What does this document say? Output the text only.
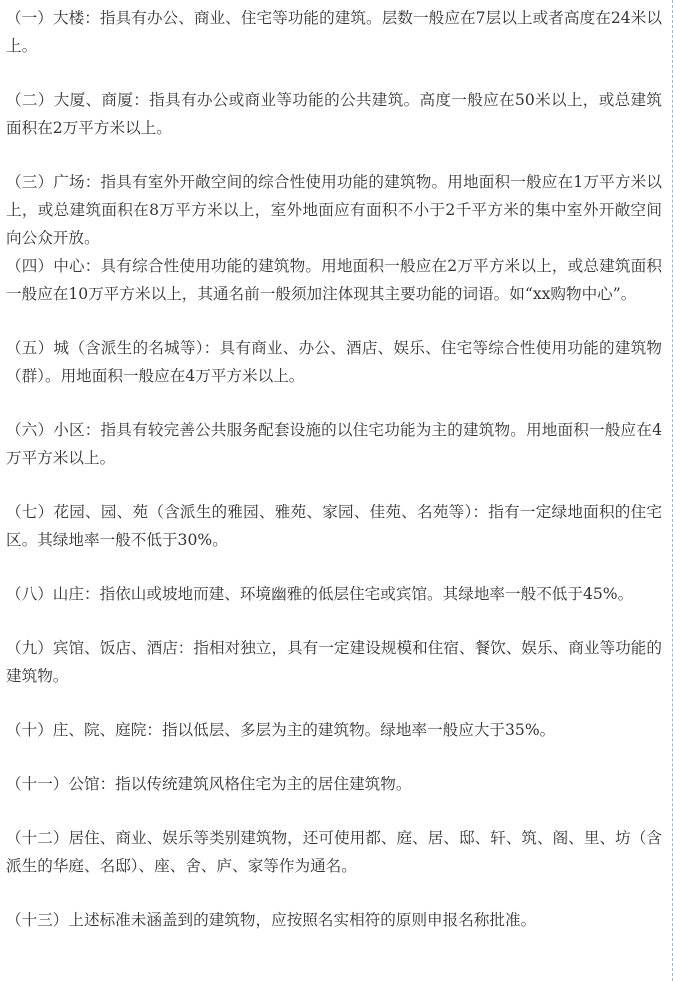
（一）大楼：指具有办公、商业、住宅等功能的建筑。层数一般应在7层以上或者高度在24米以上。

（二）大厦、商厦：指具有办公或商业等功能的公共建筑。高度一般应在50米以上，或总建筑面积在2万平方米以上。

（三）广场：指具有室外开敞空间的综合性使用功能的建筑物。用地面积一般应在1万平方米以上，或总建筑面积在8万平方米以上，室外地面应有面积不小于2千平方米的集中室外开敞空间向公众开放。

（四）中心：具有综合性使用功能的建筑物。用地面积一般应在2万平方米以上，或总建筑面积一般应在10万平方米以上，其通名前一般须加注体现其主要功能的词语。如“xx购物中心”。

（五）城（含派生的名城等）：具有商业、办公、酒店、娱乐、住宅等综合性使用功能的建筑物（群）。用地面积一般应在4万平方米以上。

（六）小区：指具有较完善公共服务配套设施的以住宅功能为主的建筑物。用地面积一般应在4万平方米以上。

（七）花园、园、苑（含派生的雅园、雅苑、家园、佳苑、名苑等）：指有一定绿地面积的住宅区。其绿地率一般不低于30%。

（八）山庄：指依山或坡地而建、环境幽雅的低层住宅或宾馆。其绿地率一般不低于45%。

（九）宾馆、饭店、酒店：指相对独立，具有一定建设规模和住宿、餐饮、娱乐、商业等功能的建筑物。

（十）庄、院、庭院：指以低层、多层为主的建筑物。绿地率一般应大于35%。

（十一）公馆：指以传统建筑风格住宅为主的居住建筑物。

（十二）居住、商业、娱乐等类别建筑物，还可使用都、庭、居、邸、轩、筑、阁、里、坊（含派生的华庭、名邸）、座、舍、庐、家等作为通名。

（十三）上述标准未涵盖到的建筑物，应按照名实相符的原则申报名称批准。
